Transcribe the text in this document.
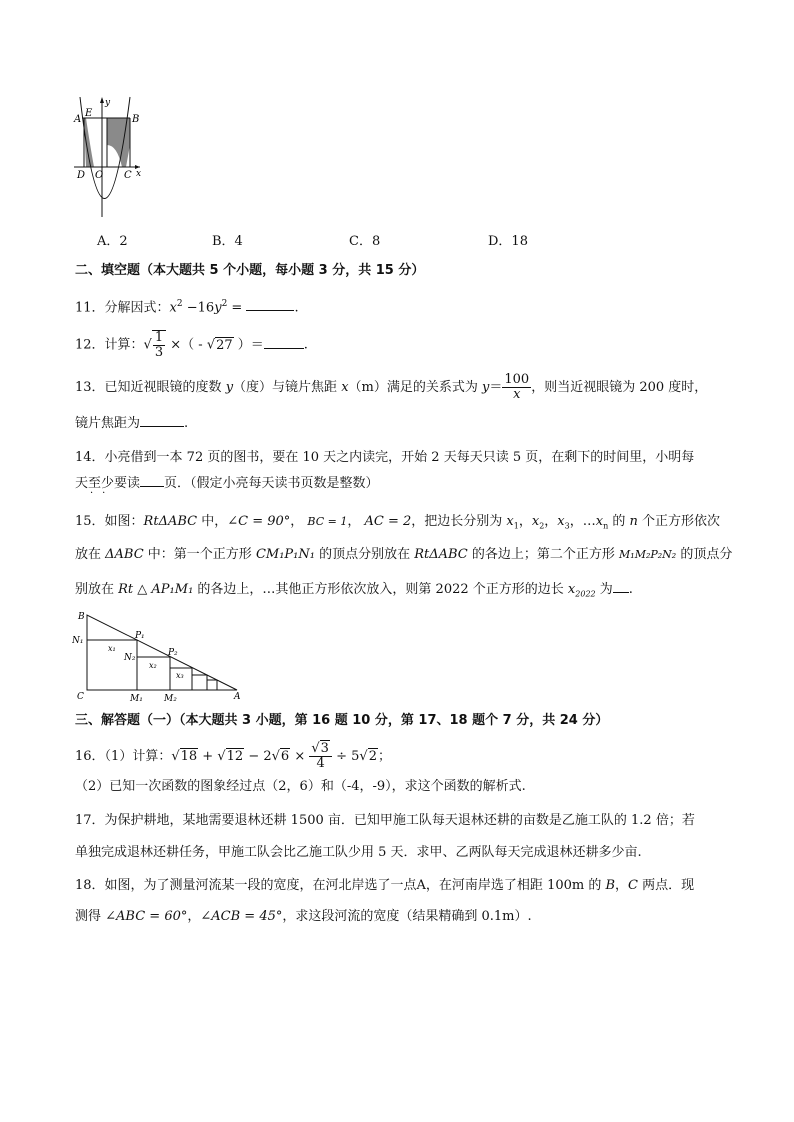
y
E
A	B
D O C x
A．2	B．4	C．8	D．18
二、填空题（本大题共 5 个小题，每小题 3 分，共 15 分）
11．分解因式：$x^2 -16y^2$ =	.
12．计算：√ $\frac{1}{3}$ ×（ - √27 ）＝	.
13．已知近视眼镜的度数 y（度）与镜片焦距 x（m）满足的关系式为 $y= \frac{100}{x}$ ，则当近视眼镜为 200 度时，
镜片焦距为	.
14．小亮借到一本 72 页的图书，要在 10 天之内读完，开始 2 天每天只读 5 页，在剩下的时间里，小明每
天至少要读 页．（假定小亮每天读书页数是整数）
··
15．如图：RtΔABC 中，∠C = 90°， BC = 1， AC = 2，把边长分别为 $x_1$，$x_2$，$x_3$，$\dots x_n$ 的 n 个正方形依次
放在 ΔABC 中：第一个正方形 CM₁P₁N₁ 的顶点分别放在 RtΔABC 的各边上；第二个正方形 M₁M₂P₂N₂ 的顶点分
别放在 Rt △ AP₁M₁ 的各边上，…其他正方形依次放入，则第 2022 个正方形的边长 $x_{2022}$ 为 .
B
N₁	P₁
x₁
N₂	P₂
x₂
x₃
C	M₁ M₂	A
三、解答题（一）（本大题共 3 小题，第 16 题 10 分，第 17、18 题个 7 分，共 24 分）
16．（1）计算：$√18 + √12 - 2√6 \times \frac{√3}{4} \div 5√2$；
（2）已知一次函数的图象经过点（2，6）和（-4，-9），求这个函数的解析式.
17．为保护耕地，某地需要退林还耕 1500 亩．已知甲施工队每天退林还耕的亩数是乙施工队的 1.2 倍；若
单独完成退林还耕任务，甲施工队会比乙施工队少用 5 天．求甲、乙两队每天完成退林还耕多少亩.
18．如图，为了测量河流某一段的宽度，在河北岸选了一点A，在河南岸选了相距 100m 的 B，C 两点．现
测得 ∠ABC = 60°，∠ACB = 45°，求这段河流的宽度（结果精确到 0.1m）.
